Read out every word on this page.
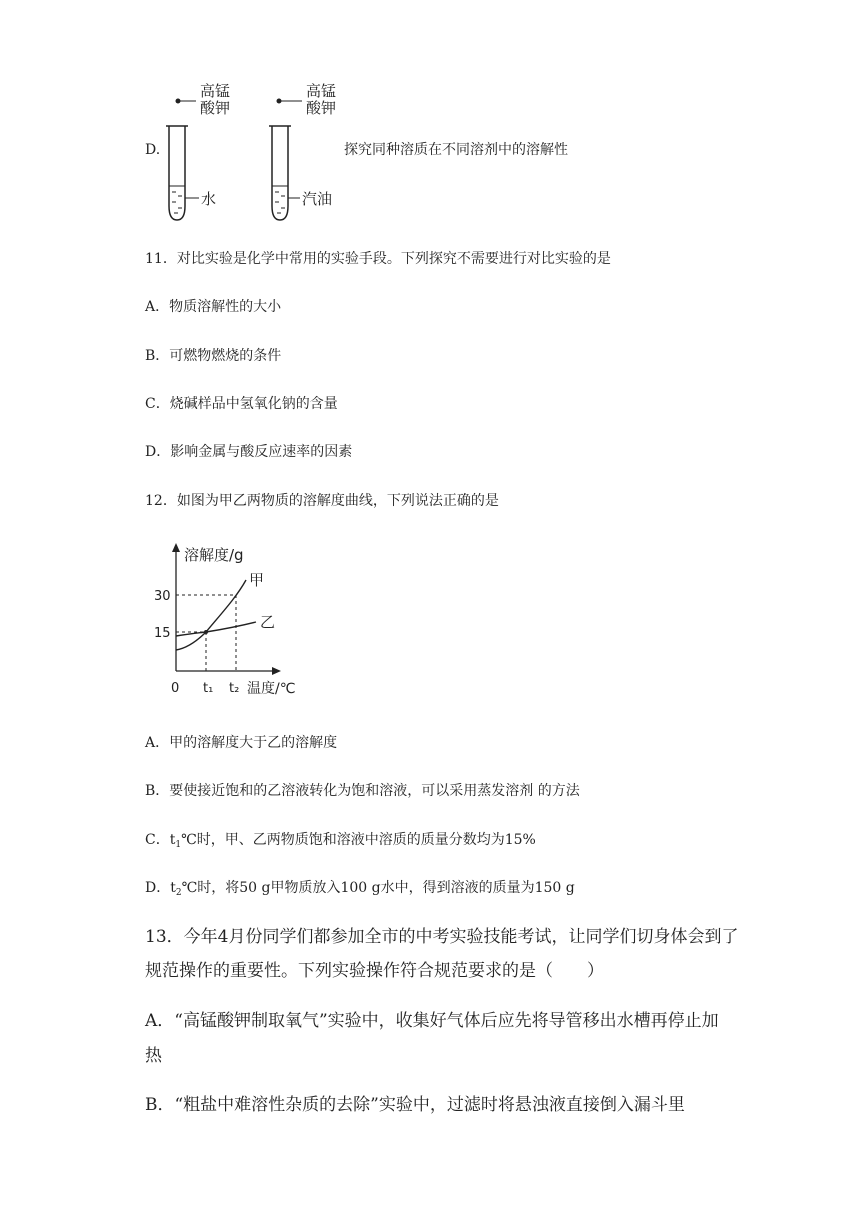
D.
高锰
酸钾
水
高锰
酸钾
汽油
探究同种溶质在不同溶剂中的溶解性
11．对比实验是化学中常用的实验手段。下列探究不需要进行对比实验的是
A．物质溶解性的大小
B．可燃物燃烧的条件
C．烧碱样品中氢氧化钠的含量
D．影响金属与酸反应速率的因素
12．如图为甲乙两物质的溶解度曲线，下列说法正确的是
溶解度/g
温度/℃
30
15
0 t₁ t₂
甲
乙
A．甲的溶解度大于乙的溶解度
B．要使接近饱和的乙溶液转化为饱和溶液，可以采用蒸发溶剂 的方法
C．$t_1℃$时，甲、乙两物质饱和溶液中溶质的质量分数均为15%
D．$t_2℃$时，将50 g甲物质放入100 g水中，得到溶液的质量为150 g
13．今年4月份同学们都参加全市的中考实验技能考试，让同学们切身体会到了
规范操作的重要性。下列实验操作符合规范要求的是（　　）
A．“高锰酸钾制取氧气”实验中，收集好气体后应先将导管移出水槽再停止加
热
B．“粗盐中难溶性杂质的去除”实验中，过滤时将悬浊液直接倒入漏斗里
